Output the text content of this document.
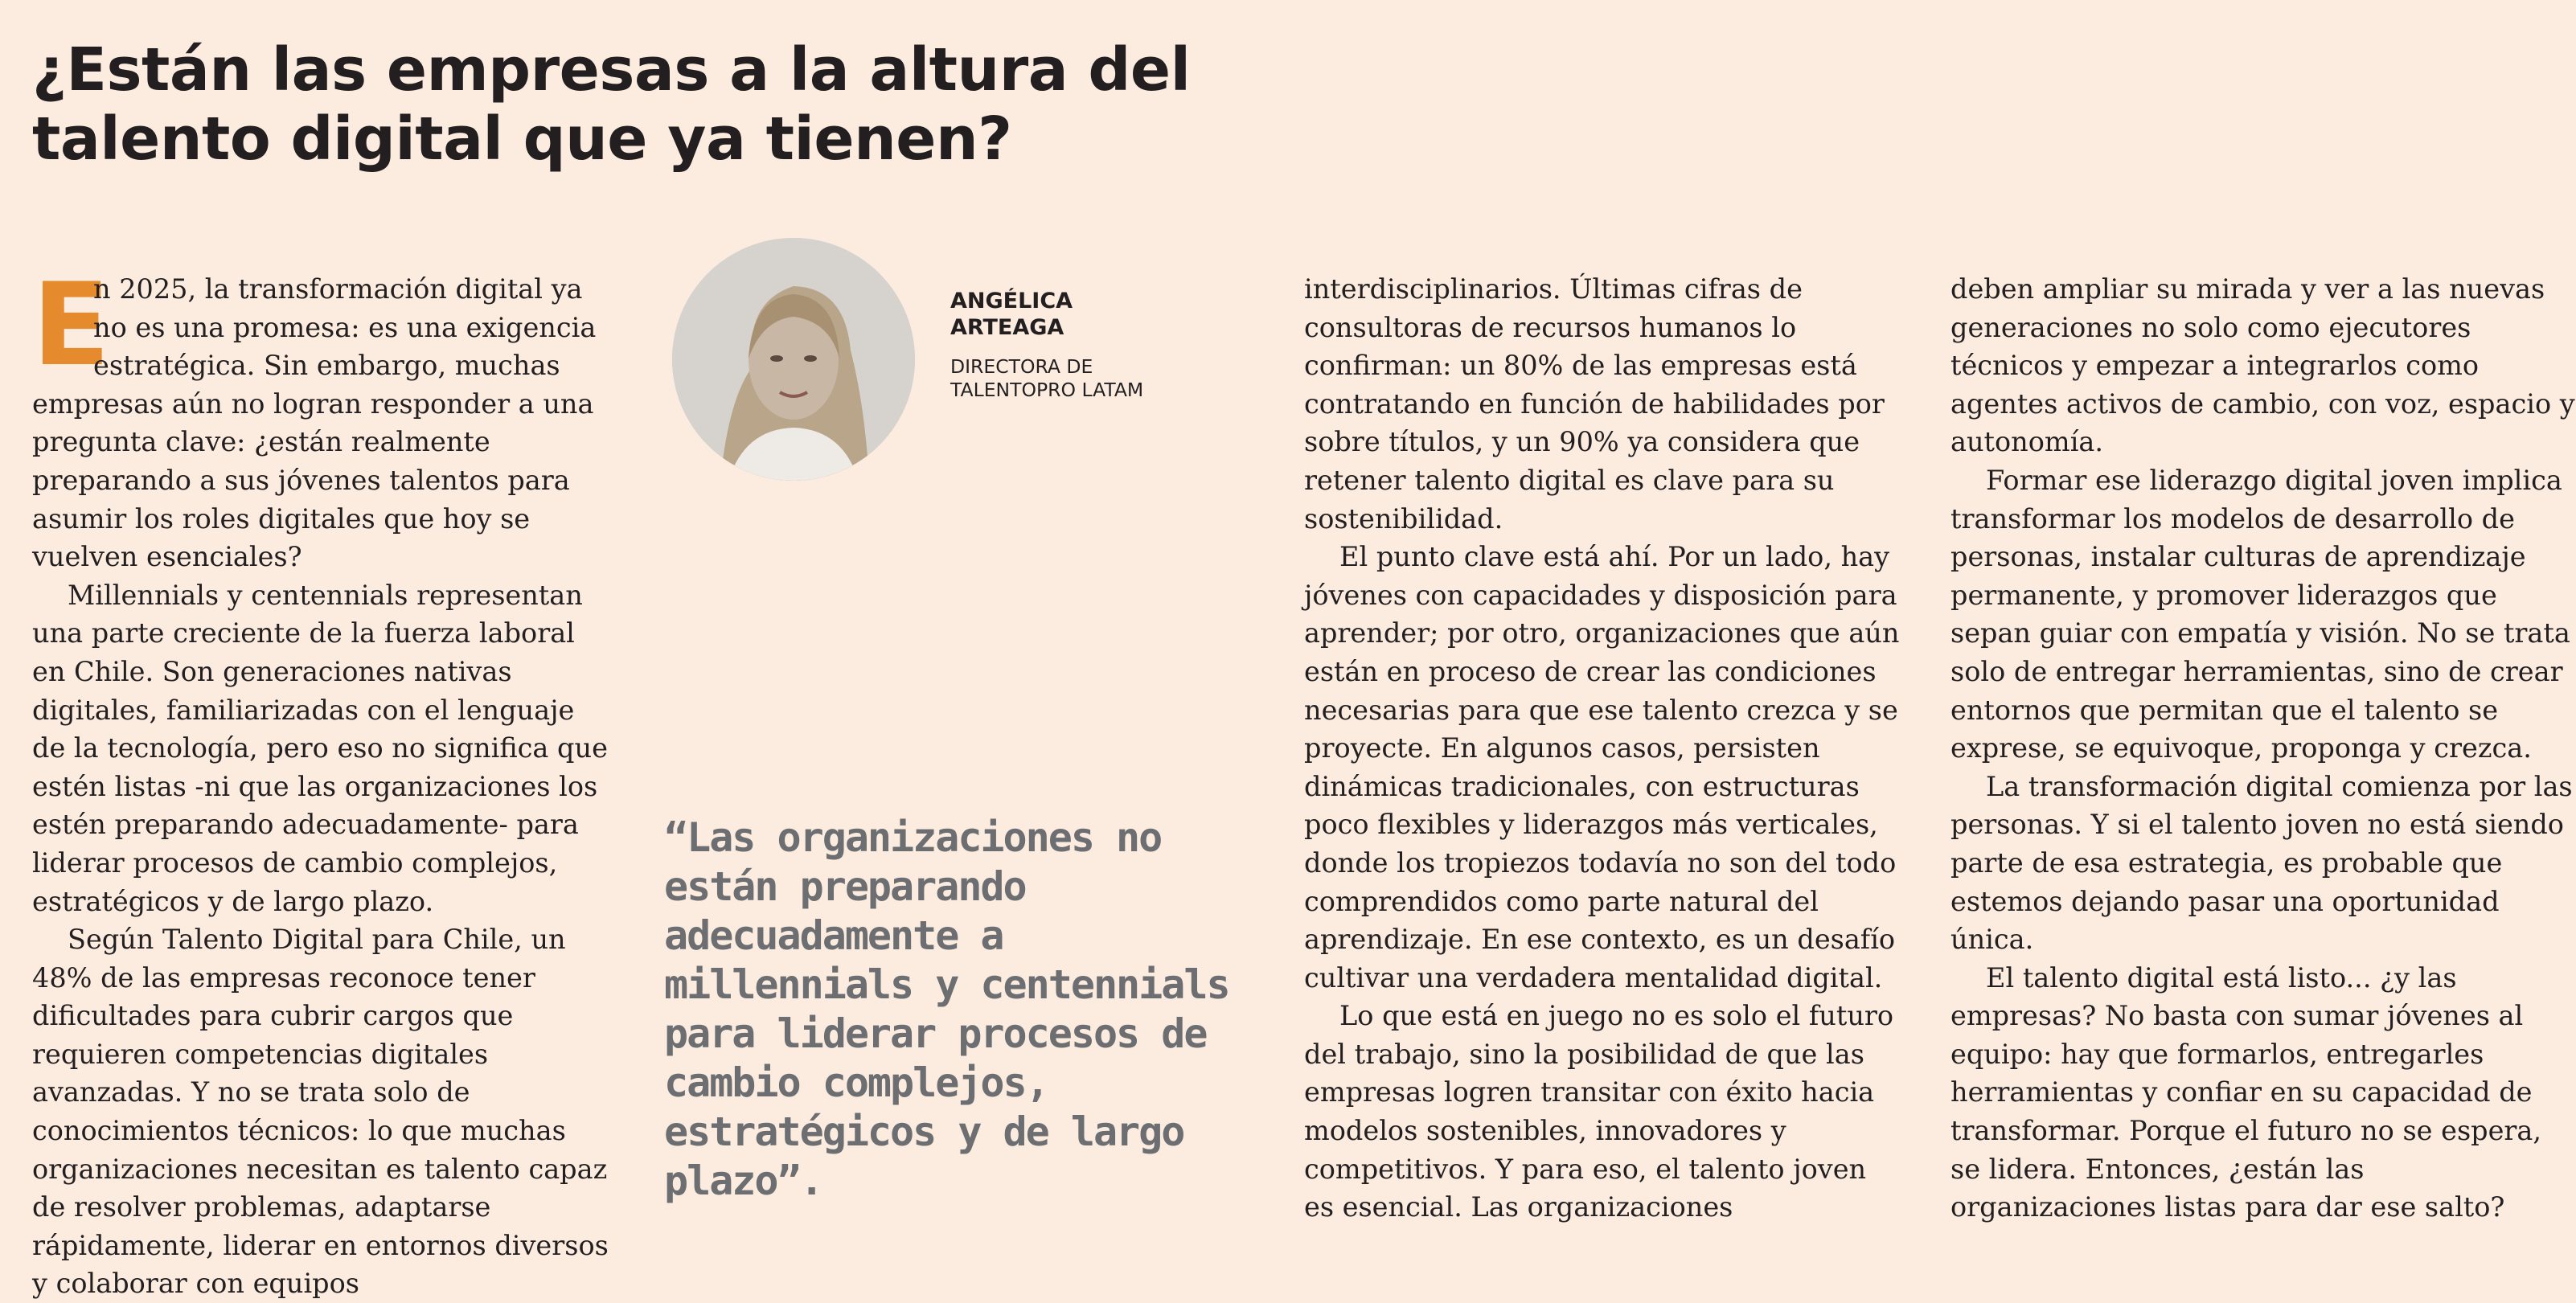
¿Están las empresas a la altura del
talento digital que ya tienen?
E

n 2025, la transformación digital ya no es una promesa: es una exigencia estratégica. Sin embargo, muchas empresas aún no logran responder a una pregunta clave: ¿están realmente preparando a sus jóvenes talentos para asumir los roles digitales que hoy se vuelven esenciales?

Millennials y centennials representan una parte creciente de la fuerza laboral en Chile. Son generaciones nativas digitales, familiarizadas con el lenguaje de la tecnología, pero eso no significa que estén listas -ni que las organizaciones los estén preparando adecuadamente- para liderar procesos de cambio complejos, estratégicos y de largo plazo.

Según Talento Digital para Chile, un 48% de las empresas reconoce tener dificultades para cubrir cargos que requieren competencias digitales avanzadas. Y no se trata solo de conocimientos técnicos: lo que muchas organizaciones necesitan es talento capaz de resolver problemas, adaptarse rápidamente, liderar en entornos diversos y colaborar con equipos

ANGÉLICA
ARTEAGA
DIRECTORA DE
TALENTOPRO LATAM

“Las organizaciones no están preparando adecuadamente a millennials y centennials para liderar procesos de cambio complejos, estratégicos y de largo plazo”.

interdisciplinarios. Últimas cifras de consultoras de recursos humanos lo confirman: un 80% de las empresas está contratando en función de habilidades por sobre títulos, y un 90% ya considera que retener talento digital es clave para su sostenibilidad.

El punto clave está ahí. Por un lado, hay jóvenes con capacidades y disposición para aprender; por otro, organizaciones que aún están en proceso de crear las condiciones necesarias para que ese talento crezca y se proyecte. En algunos casos, persisten dinámicas tradicionales, con estructuras poco flexibles y liderazgos más verticales, donde los tropiezos todavía no son del todo comprendidos como parte natural del aprendizaje. En ese contexto, es un desafío cultivar una verdadera mentalidad digital.

Lo que está en juego no es solo el futuro del trabajo, sino la posibilidad de que las empresas logren transitar con éxito hacia modelos sostenibles, innovadores y competitivos. Y para eso, el talento joven es esencial. Las organizaciones

deben ampliar su mirada y ver a las nuevas generaciones no solo como ejecutores técnicos y empezar a integrarlos como agentes activos de cambio, con voz, espacio y autonomía.

Formar ese liderazgo digital joven implica transformar los modelos de desarrollo de personas, instalar culturas de aprendizaje permanente, y promover liderazgos que sepan guiar con empatía y visión. No se trata solo de entregar herramientas, sino de crear entornos que permitan que el talento se exprese, se equivoque, proponga y crezca.

La transformación digital comienza por las personas. Y si el talento joven no está siendo parte de esa estrategia, es probable que estemos dejando pasar una oportunidad única.

El talento digital está listo... ¿y las empresas? No basta con sumar jóvenes al equipo: hay que formarlos, entregarles herramientas y confiar en su capacidad de transformar. Porque el futuro no se espera, se lidera. Entonces, ¿están las organizaciones listas para dar ese salto?
